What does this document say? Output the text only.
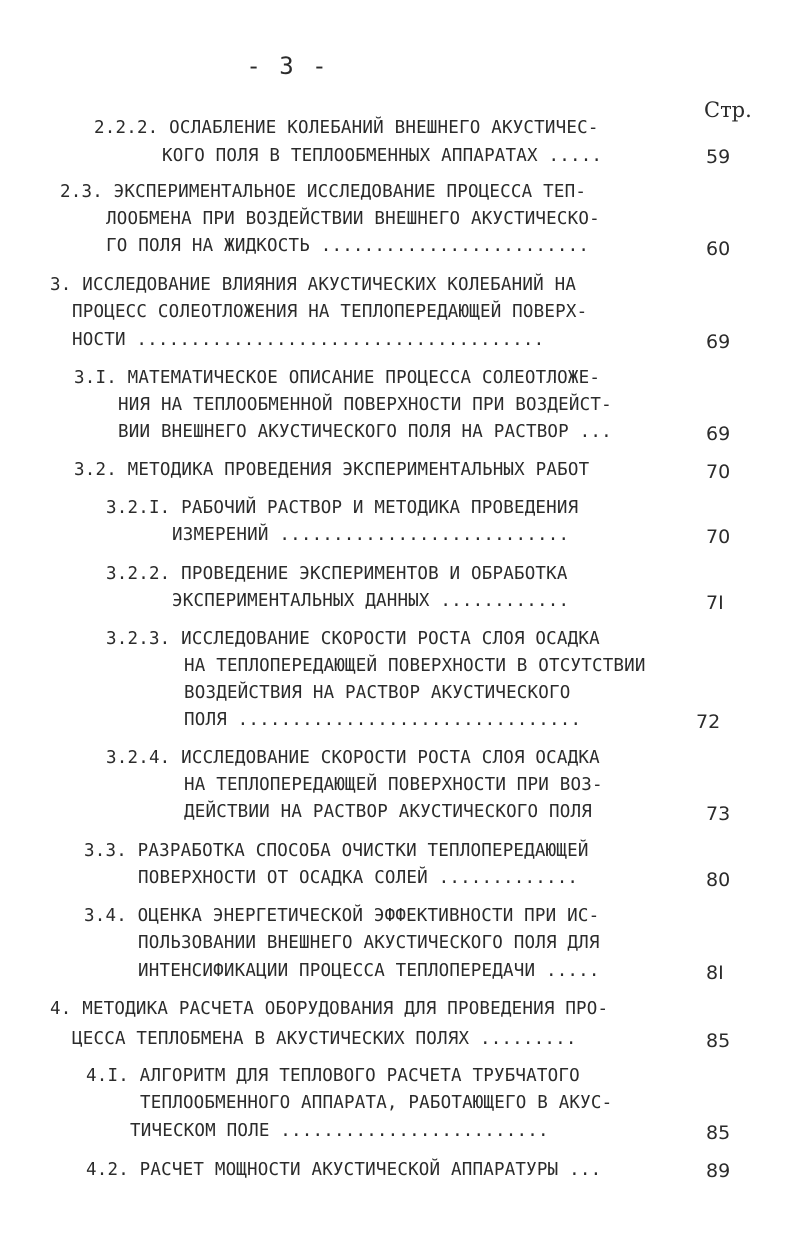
- 3 -
Стр.
2.2.2. ОСЛАБЛЕНИЕ КОЛЕБАНИЙ ВНЕШНЕГО АКУСТИЧЕС-
КОГО ПОЛЯ В ТЕПЛООБМЕННЫХ АППАРАТАХ .....	59
2.3. ЭКСПЕРИМЕНТАЛЬНОЕ ИССЛЕДОВАНИЕ ПРОЦЕССА ТЕП-
ЛООБМЕНА ПРИ ВОЗДЕЙСТВИИ ВНЕШНЕГО АКУСТИЧЕСКО-
ГО ПОЛЯ НА ЖИДКОСТЬ .........................	60
3. ИССЛЕДОВАНИЕ ВЛИЯНИЯ АКУСТИЧЕСКИХ КОЛЕБАНИЙ НА
ПРОЦЕСС СОЛЕОТЛОЖЕНИЯ НА ТЕПЛОПЕРЕДАЮЩЕЙ ПОВЕРХ-
НОСТИ ......................................	69
3.I. МАТЕМАТИЧЕСКОЕ ОПИСАНИЕ ПРОЦЕССА СОЛЕОТЛОЖЕ-
НИЯ НА ТЕПЛООБМЕННОЙ ПОВЕРХНОСТИ ПРИ ВОЗДЕЙСТ-
ВИИ ВНЕШНЕГО АКУСТИЧЕСКОГО ПОЛЯ НА РАСТВОР ...	69
3.2. МЕТОДИКА ПРОВЕДЕНИЯ ЭКСПЕРИМЕНТАЛЬНЫХ РАБОТ	70
3.2.I. РАБОЧИЙ РАСТВОР И МЕТОДИКА ПРОВЕДЕНИЯ
ИЗМЕРЕНИЙ ...........................	70
3.2.2. ПРОВЕДЕНИЕ ЭКСПЕРИМЕНТОВ И ОБРАБОТКА
ЭКСПЕРИМЕНТАЛЬНЫХ ДАННЫХ ............	7I
3.2.3. ИССЛЕДОВАНИЕ СКОРОСТИ РОСТА СЛОЯ ОСАДКА
НА ТЕПЛОПЕРЕДАЮЩЕЙ ПОВЕРХНОСТИ В ОТСУТСТВИИ
ВОЗДЕЙСТВИЯ НА РАСТВОР АКУСТИЧЕСКОГО
ПОЛЯ ................................	72
3.2.4. ИССЛЕДОВАНИЕ СКОРОСТИ РОСТА СЛОЯ ОСАДКА
НА ТЕПЛОПЕРЕДАЮЩЕЙ ПОВЕРХНОСТИ ПРИ ВОЗ-
ДЕЙСТВИИ НА РАСТВОР АКУСТИЧЕСКОГО ПОЛЯ	73
3.3. РАЗРАБОТКА СПОСОБА ОЧИСТКИ ТЕПЛОПЕРЕДАЮЩЕЙ
ПОВЕРХНОСТИ ОТ ОСАДКА СОЛЕЙ .............	80
3.4. ОЦЕНКА ЭНЕРГЕТИЧЕСКОЙ ЭФФЕКТИВНОСТИ ПРИ ИС-
ПОЛЬЗОВАНИИ ВНЕШНЕГО АКУСТИЧЕСКОГО ПОЛЯ ДЛЯ
ИНТЕНСИФИКАЦИИ ПРОЦЕССА ТЕПЛОПЕРЕДАЧИ .....	8I
4. МЕТОДИКА РАСЧЕТА ОБОРУДОВАНИЯ ДЛЯ ПРОВЕДЕНИЯ ПРО-
ЦЕССА ТЕПЛОБМЕНА В АКУСТИЧЕСКИХ ПОЛЯХ .........	85
4.I. АЛГОРИТМ ДЛЯ ТЕПЛОВОГО РАСЧЕТА ТРУБЧАТОГО
ТЕПЛООБМЕННОГО АППАРАТА, РАБОТАЮЩЕГО В АКУС-
ТИЧЕСКОМ ПОЛЕ .........................	85
4.2. РАСЧЕТ МОЩНОСТИ АКУСТИЧЕСКОЙ АППАРАТУРЫ ...	89
